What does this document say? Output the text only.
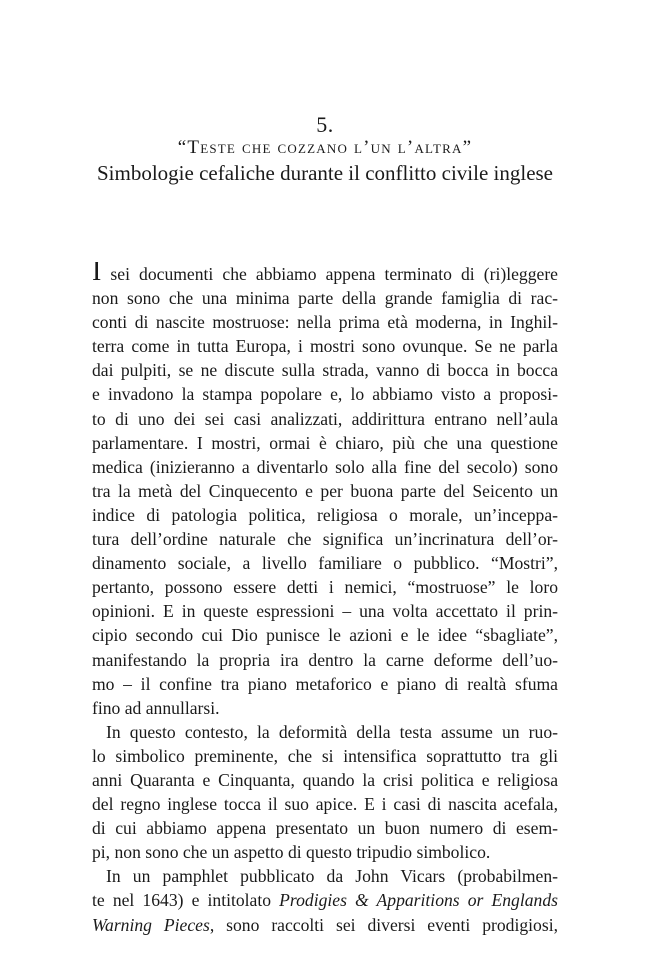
5.
“Teste che cozzano l’un l’altra”
Simbologie cefaliche durante il conflitto civile inglese
I sei documenti che abbiamo appena terminato di (ri)leggere
non sono che una minima parte della grande famiglia di rac-
conti di nascite mostruose: nella prima età moderna, in Inghil-
terra come in tutta Europa, i mostri sono ovunque. Se ne parla
dai pulpiti, se ne discute sulla strada, vanno di bocca in bocca
e invadono la stampa popolare e, lo abbiamo visto a proposi-
to di uno dei sei casi analizzati, addirittura entrano nell’aula
parlamentare. I mostri, ormai è chiaro, più che una questione
medica (inizieranno a diventarlo solo alla fine del secolo) sono
tra la metà del Cinquecento e per buona parte del Seicento un
indice di patologia politica, religiosa o morale, un’inceppa-
tura dell’ordine naturale che significa un’incrinatura dell’or-
dinamento sociale, a livello familiare o pubblico. “Mostri”,
pertanto, possono essere detti i nemici, “mostruose” le loro
opinioni. E in queste espressioni – una volta accettato il prin-
cipio secondo cui Dio punisce le azioni e le idee “sbagliate”,
manifestando la propria ira dentro la carne deforme dell’uo-
mo – il confine tra piano metaforico e piano di realtà sfuma
fino ad annullarsi.
In questo contesto, la deformità della testa assume un ruo-
lo simbolico preminente, che si intensifica soprattutto tra gli
anni Quaranta e Cinquanta, quando la crisi politica e religiosa
del regno inglese tocca il suo apice. E i casi di nascita acefala,
di cui abbiamo appena presentato un buon numero di esem-
pi, non sono che un aspetto di questo tripudio simbolico.
In un pamphlet pubblicato da John Vicars (probabilmen-
te nel 1643) e intitolato Prodigies & Apparitions or Englands
Warning Pieces, sono raccolti sei diversi eventi prodigiosi,
